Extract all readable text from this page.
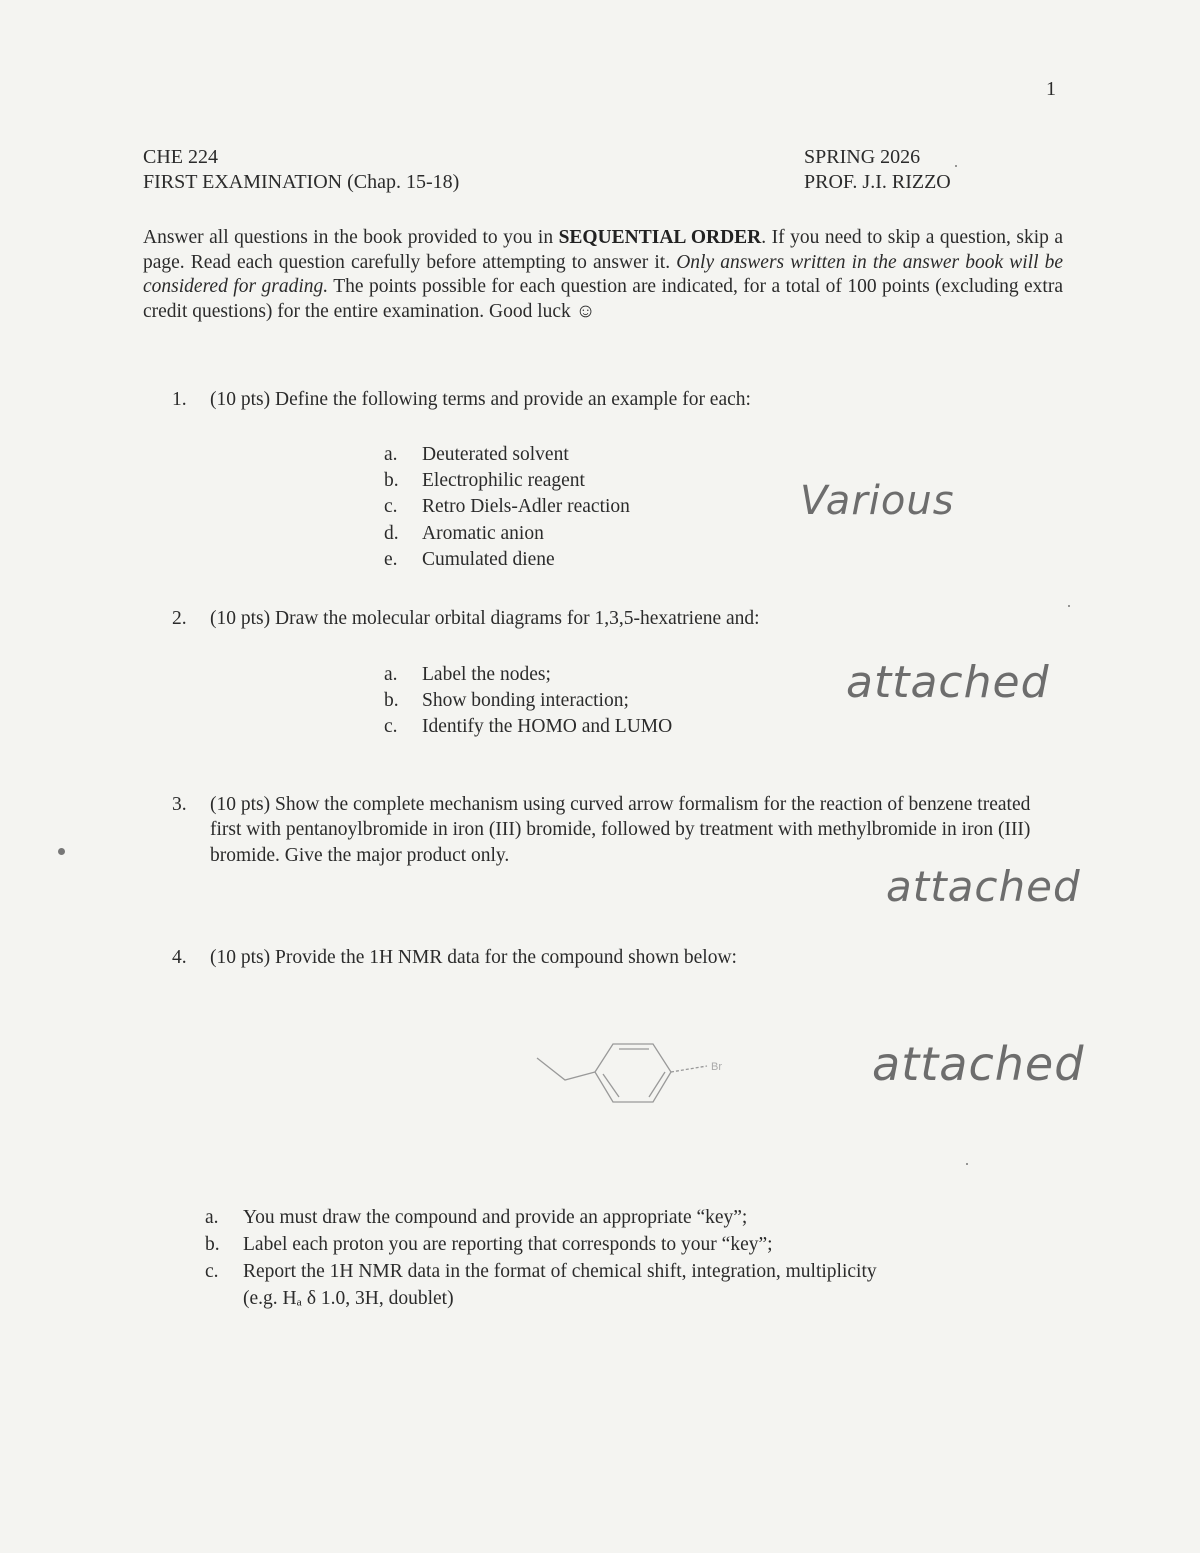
1
CHE 224
FIRST EXAMINATION (Chap. 15-18)
SPRING 2026
PROF. J.I. RIZZO
Answer all questions in the book provided to you in SEQUENTIAL ORDER. If you need to skip a question, skip a page. Read each question carefully before attempting to answer it. Only answers written in the answer book will be considered for grading. The points possible for each question are indicated, for a total of 100 points (excluding extra credit questions) for the entire examination. Good luck ☺
1.	(10 pts) Define the following terms and provide an example for each:
a.	Deuterated solvent
b.	Electrophilic reagent
c.	Retro Diels-Adler reaction
d.	Aromatic anion
e.	Cumulated diene
Various
2.	(10 pts) Draw the molecular orbital diagrams for 1,3,5-hexatriene and:
a.	Label the nodes;
b.	Show bonding interaction;
c.	Identify the HOMO and LUMO
attached
3.	(10 pts) Show the complete mechanism using curved arrow formalism for the reaction of benzene treated first with pentanoylbromide in iron (III) bromide, followed by treatment with methylbromide in iron (III) bromide. Give the major product only.
attached
4.	(10 pts) Provide the 1H NMR data for the compound shown below:
Br	attached
a.	You must draw the compound and provide an appropriate “key”;
b.	Label each proton you are reporting that corresponds to your “key”;
c.	Report the 1H NMR data in the format of chemical shift, integration, multiplicity
(e.g. Hₐ δ 1.0, 3H, doublet)
